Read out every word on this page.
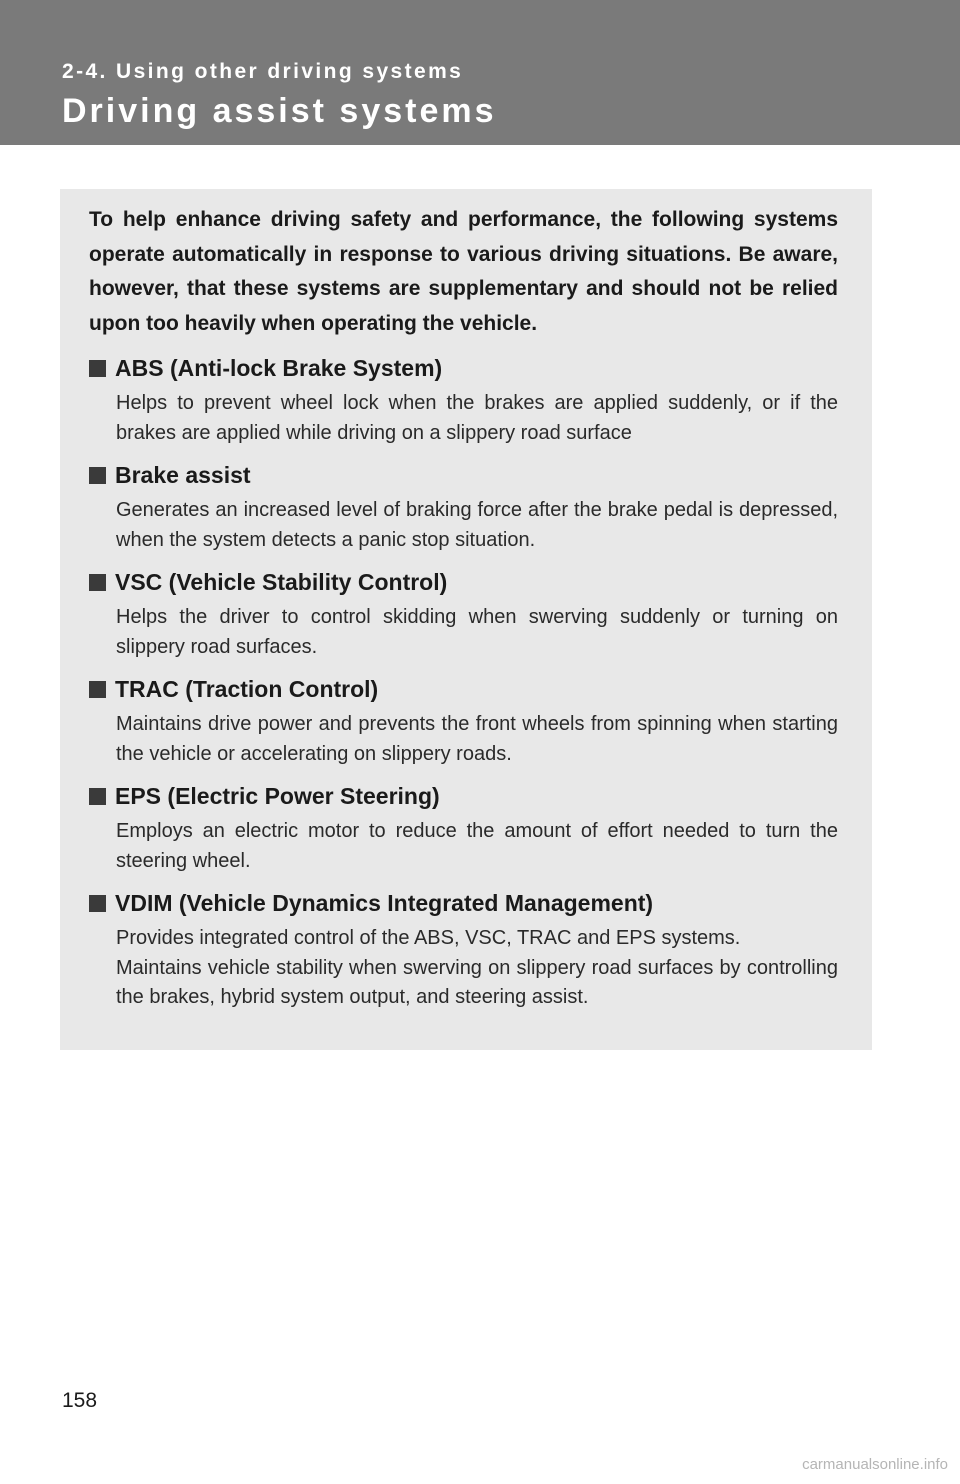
2-4. Using other driving systems
Driving assist systems

To help enhance driving safety and performance, the following systems operate automatically in response to various driving situations. Be aware, however, that these systems are supplementary and should not be relied upon too heavily when operating the vehicle.

ABS (Anti-lock Brake System)

Helps to prevent wheel lock when the brakes are applied suddenly, or if the brakes are applied while driving on a slippery road surface

Brake assist

Generates an increased level of braking force after the brake pedal is depressed, when the system detects a panic stop situation.

VSC (Vehicle Stability Control)

Helps the driver to control skidding when swerving suddenly or turning on slippery road surfaces.

TRAC (Traction Control)

Maintains drive power and prevents the front wheels from spinning when starting the vehicle or accelerating on slippery roads.

EPS (Electric Power Steering)

Employs an electric motor to reduce the amount of effort needed to turn the steering wheel.

VDIM (Vehicle Dynamics Integrated Management)

Provides integrated control of the ABS, VSC, TRAC and EPS systems.

Maintains vehicle stability when swerving on slippery road surfaces by controlling the brakes, hybrid system output, and steering assist.

158
carmanualsonline.info
